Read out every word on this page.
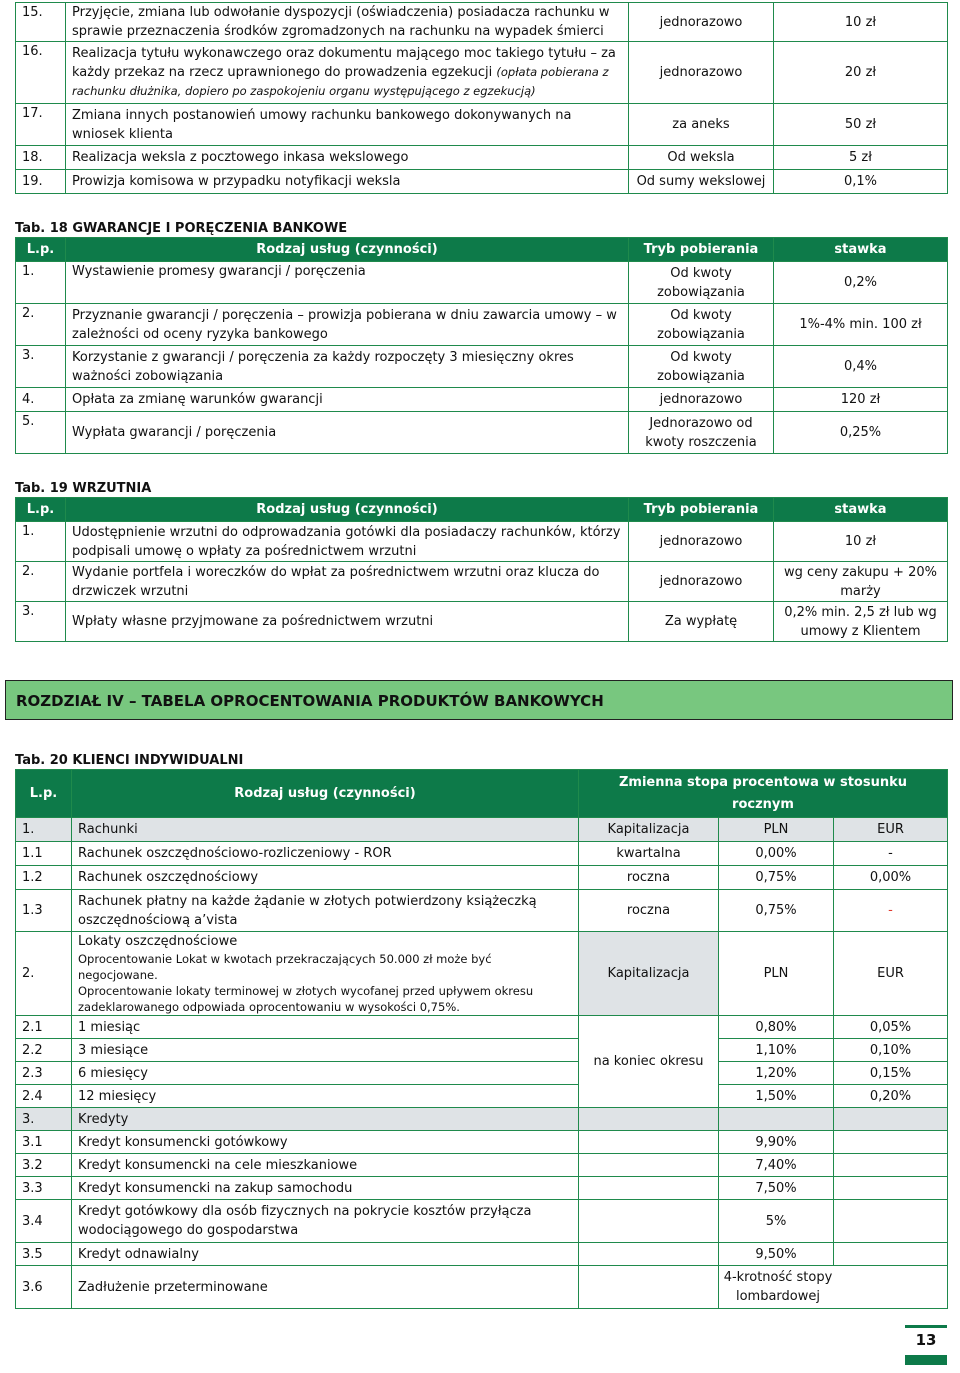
15.	Przyjęcie, zmiana lub odwołanie dyspozycji (oświadczenia) posiadacza rachunku w sprawie przeznaczenia środków zgromadzonych na rachunku na wypadek śmierci	jednorazowo	10 zł
16.	Realizacja tytułu wykonawczego oraz dokumentu mającego moc takiego tytułu – za każdy przekaz na rzecz uprawnionego do prowadzenia egzekucji (opłata pobierana z rachunku dłużnika, dopiero po zaspokojeniu organu występującego z egzekucją)	jednorazowo	20 zł
17.	Zmiana innych postanowień umowy rachunku bankowego dokonywanych na wniosek klienta	za aneks	50 zł
18.	Realizacja weksla z pocztowego inkasa wekslowego	Od weksla	5 zł
19.	Prowizja komisowa w przypadku notyfikacji weksla	Od sumy wekslowej	0,1%
Tab. 18 GWARANCJE I PORĘCZENIA BANKOWE
L.p.	Rodzaj usług (czynności)	Tryb pobierania	stawka
1.	Wystawienie promesy gwarancji / poręczenia	Od kwoty zobowiązania	0,2%
2.	Przyznanie gwarancji / poręczenia – prowizja pobierana w dniu zawarcia umowy – w zależności od oceny ryzyka bankowego	Od kwoty zobowiązania	1%-4% min. 100 zł
3.	Korzystanie z gwarancji / poręczenia za każdy rozpoczęty 3 miesięczny okres ważności zobowiązania	Od kwoty zobowiązania	0,4%
4.	Opłata za zmianę warunków gwarancji	jednorazowo	120 zł
5.	Wypłata gwarancji / poręczenia	Jednorazowo od kwoty roszczenia	0,25%
Tab. 19 WRZUTNIA
L.p.	Rodzaj usług (czynności)	Tryb pobierania	stawka
1.	Udostępnienie wrzutni do odprowadzania gotówki dla posiadaczy rachunków, którzy podpisali umowę o wpłaty za pośrednictwem wrzutni	jednorazowo	10 zł
2.	Wydanie portfela i woreczków do wpłat za pośrednictwem wrzutni oraz klucza do drzwiczek wrzutni	jednorazowo	wg ceny zakupu + 20% marży
3.	Wpłaty własne przyjmowane za pośrednictwem wrzutni	Za wypłatę	0,2% min. 2,5 zł lub wg umowy z Klientem
ROZDZIAŁ IV – TABELA OPROCENTOWANIA PRODUKTÓW BANKOWYCH
Tab. 20 KLIENCI INDYWIDUALNI
L.p.	Rodzaj usług (czynności)	Zmienna stopa procentowa w stosunku rocznym		
1.	Rachunki	Kapitalizacja	PLN	EUR
1.1	Rachunek oszczędnościowo-rozliczeniowy - ROR	kwartalna	0,00%	-
1.2	Rachunek oszczędnościowy	roczna	0,75%	0,00%
1.3	Rachunek płatny na każde żądanie w złotych potwierdzony książeczką oszczędnościową a’vista	roczna	0,75%	-
2.	Lokaty oszczędnościowe
Oprocentowanie Lokat w kwotach przekraczających 50.000 zł może być negocjowane.
Oprocentowanie lokaty terminowej w złotych wycofanej przed upływem okresu zadeklarowanego odpowiada oprocentowaniu w wysokości 0,75%.	Kapitalizacja	PLN	EUR
2.1	1 miesiąc	na koniec okresu	0,80%	0,05%
2.2	3 miesiące		1,10%	0,10%
2.3	6 miesięcy		1,20%	0,15%
2.4	12 miesięcy		1,50%	0,20%
3.	Kredyty			
3.1	Kredyt konsumencki gotówkowy		9,90%	
3.2	Kredyt konsumencki na cele mieszkaniowe		7,40%	
3.3	Kredyt konsumencki na zakup samochodu		7,50%	
3.4	Kredyt gotówkowy dla osób fizycznych na pokrycie kosztów przyłącza wodociągowego do gospodarstwa		5%	
3.5	Kredyt odnawialny		9,50%	
3.6	Zadłużenie przeterminowane		4-krotność stopy lombardowej	
13
